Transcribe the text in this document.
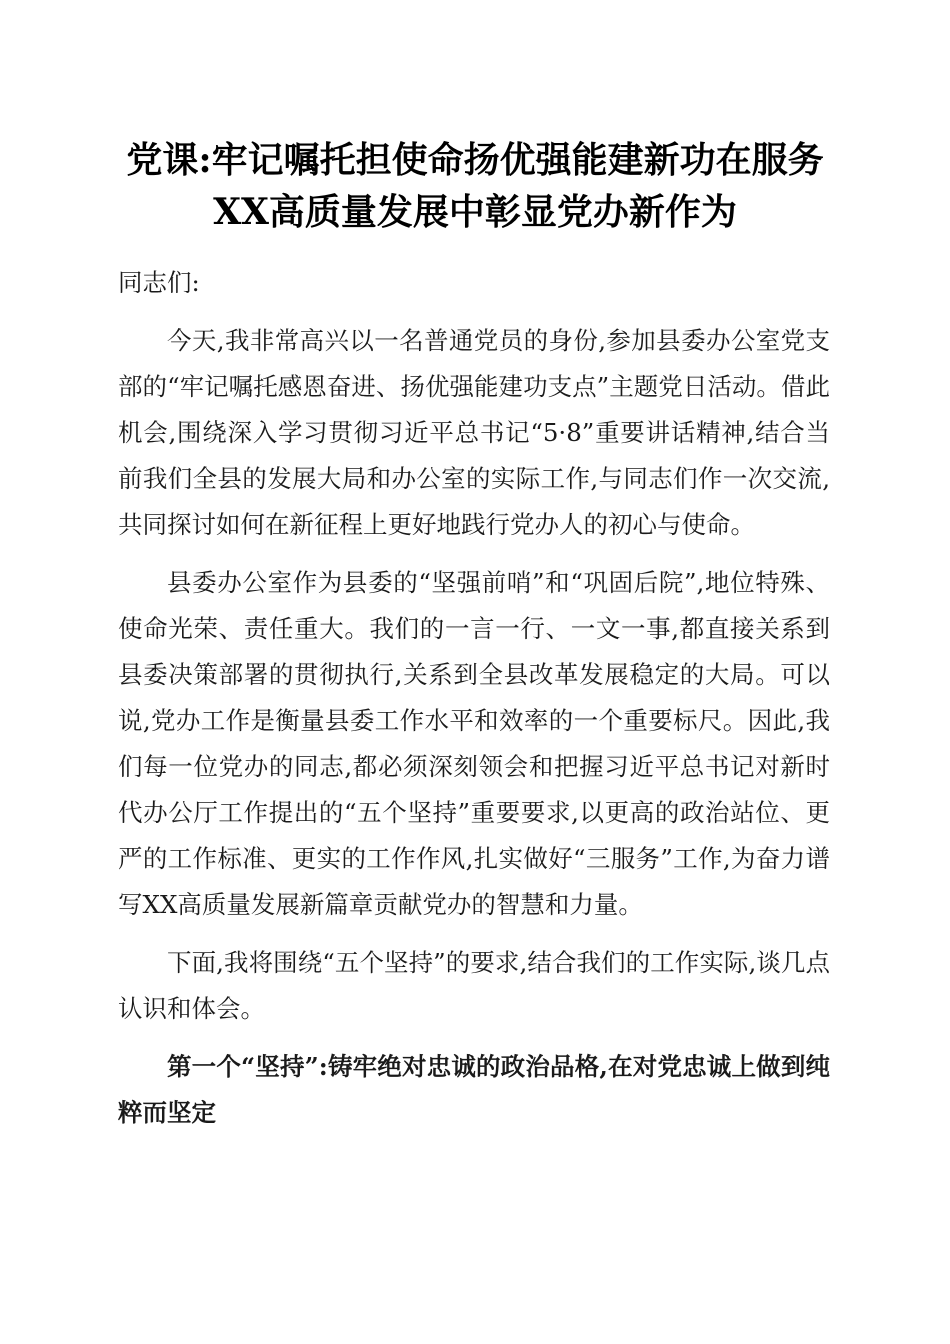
党课:牢记嘱托担使命扬优强能建新功在服务
XX高质量发展中彰显党办新作为

同志们:

今天,我非常高兴以一名普通党员的身份,参加县委办公室党支部的“牢记嘱托感恩奋进、扬优强能建功支点”主题党日活动。借此机会,围绕深入学习贯彻习近平总书记“5·8”重要讲话精神,结合当前我们全县的发展大局和办公室的实际工作,与同志们作一次交流,共同探讨如何在新征程上更好地践行党办人的初心与使命。

县委办公室作为县委的“坚强前哨”和“巩固后院”,地位特殊、使命光荣、责任重大。我们的一言一行、一文一事,都直接关系到县委决策部署的贯彻执行,关系到全县改革发展稳定的大局。可以说,党办工作是衡量县委工作水平和效率的一个重要标尺。因此,我们每一位党办的同志,都必须深刻领会和把握习近平总书记对新时代办公厅工作提出的“五个坚持”重要要求,以更高的政治站位、更严的工作标准、更实的工作作风,扎实做好“三服务”工作,为奋力谱写XX高质量发展新篇章贡献党办的智慧和力量。

下面,我将围绕“五个坚持”的要求,结合我们的工作实际,谈几点认识和体会。

第一个“坚持”:铸牢绝对忠诚的政治品格,在对党忠诚上做到纯粹而坚定
